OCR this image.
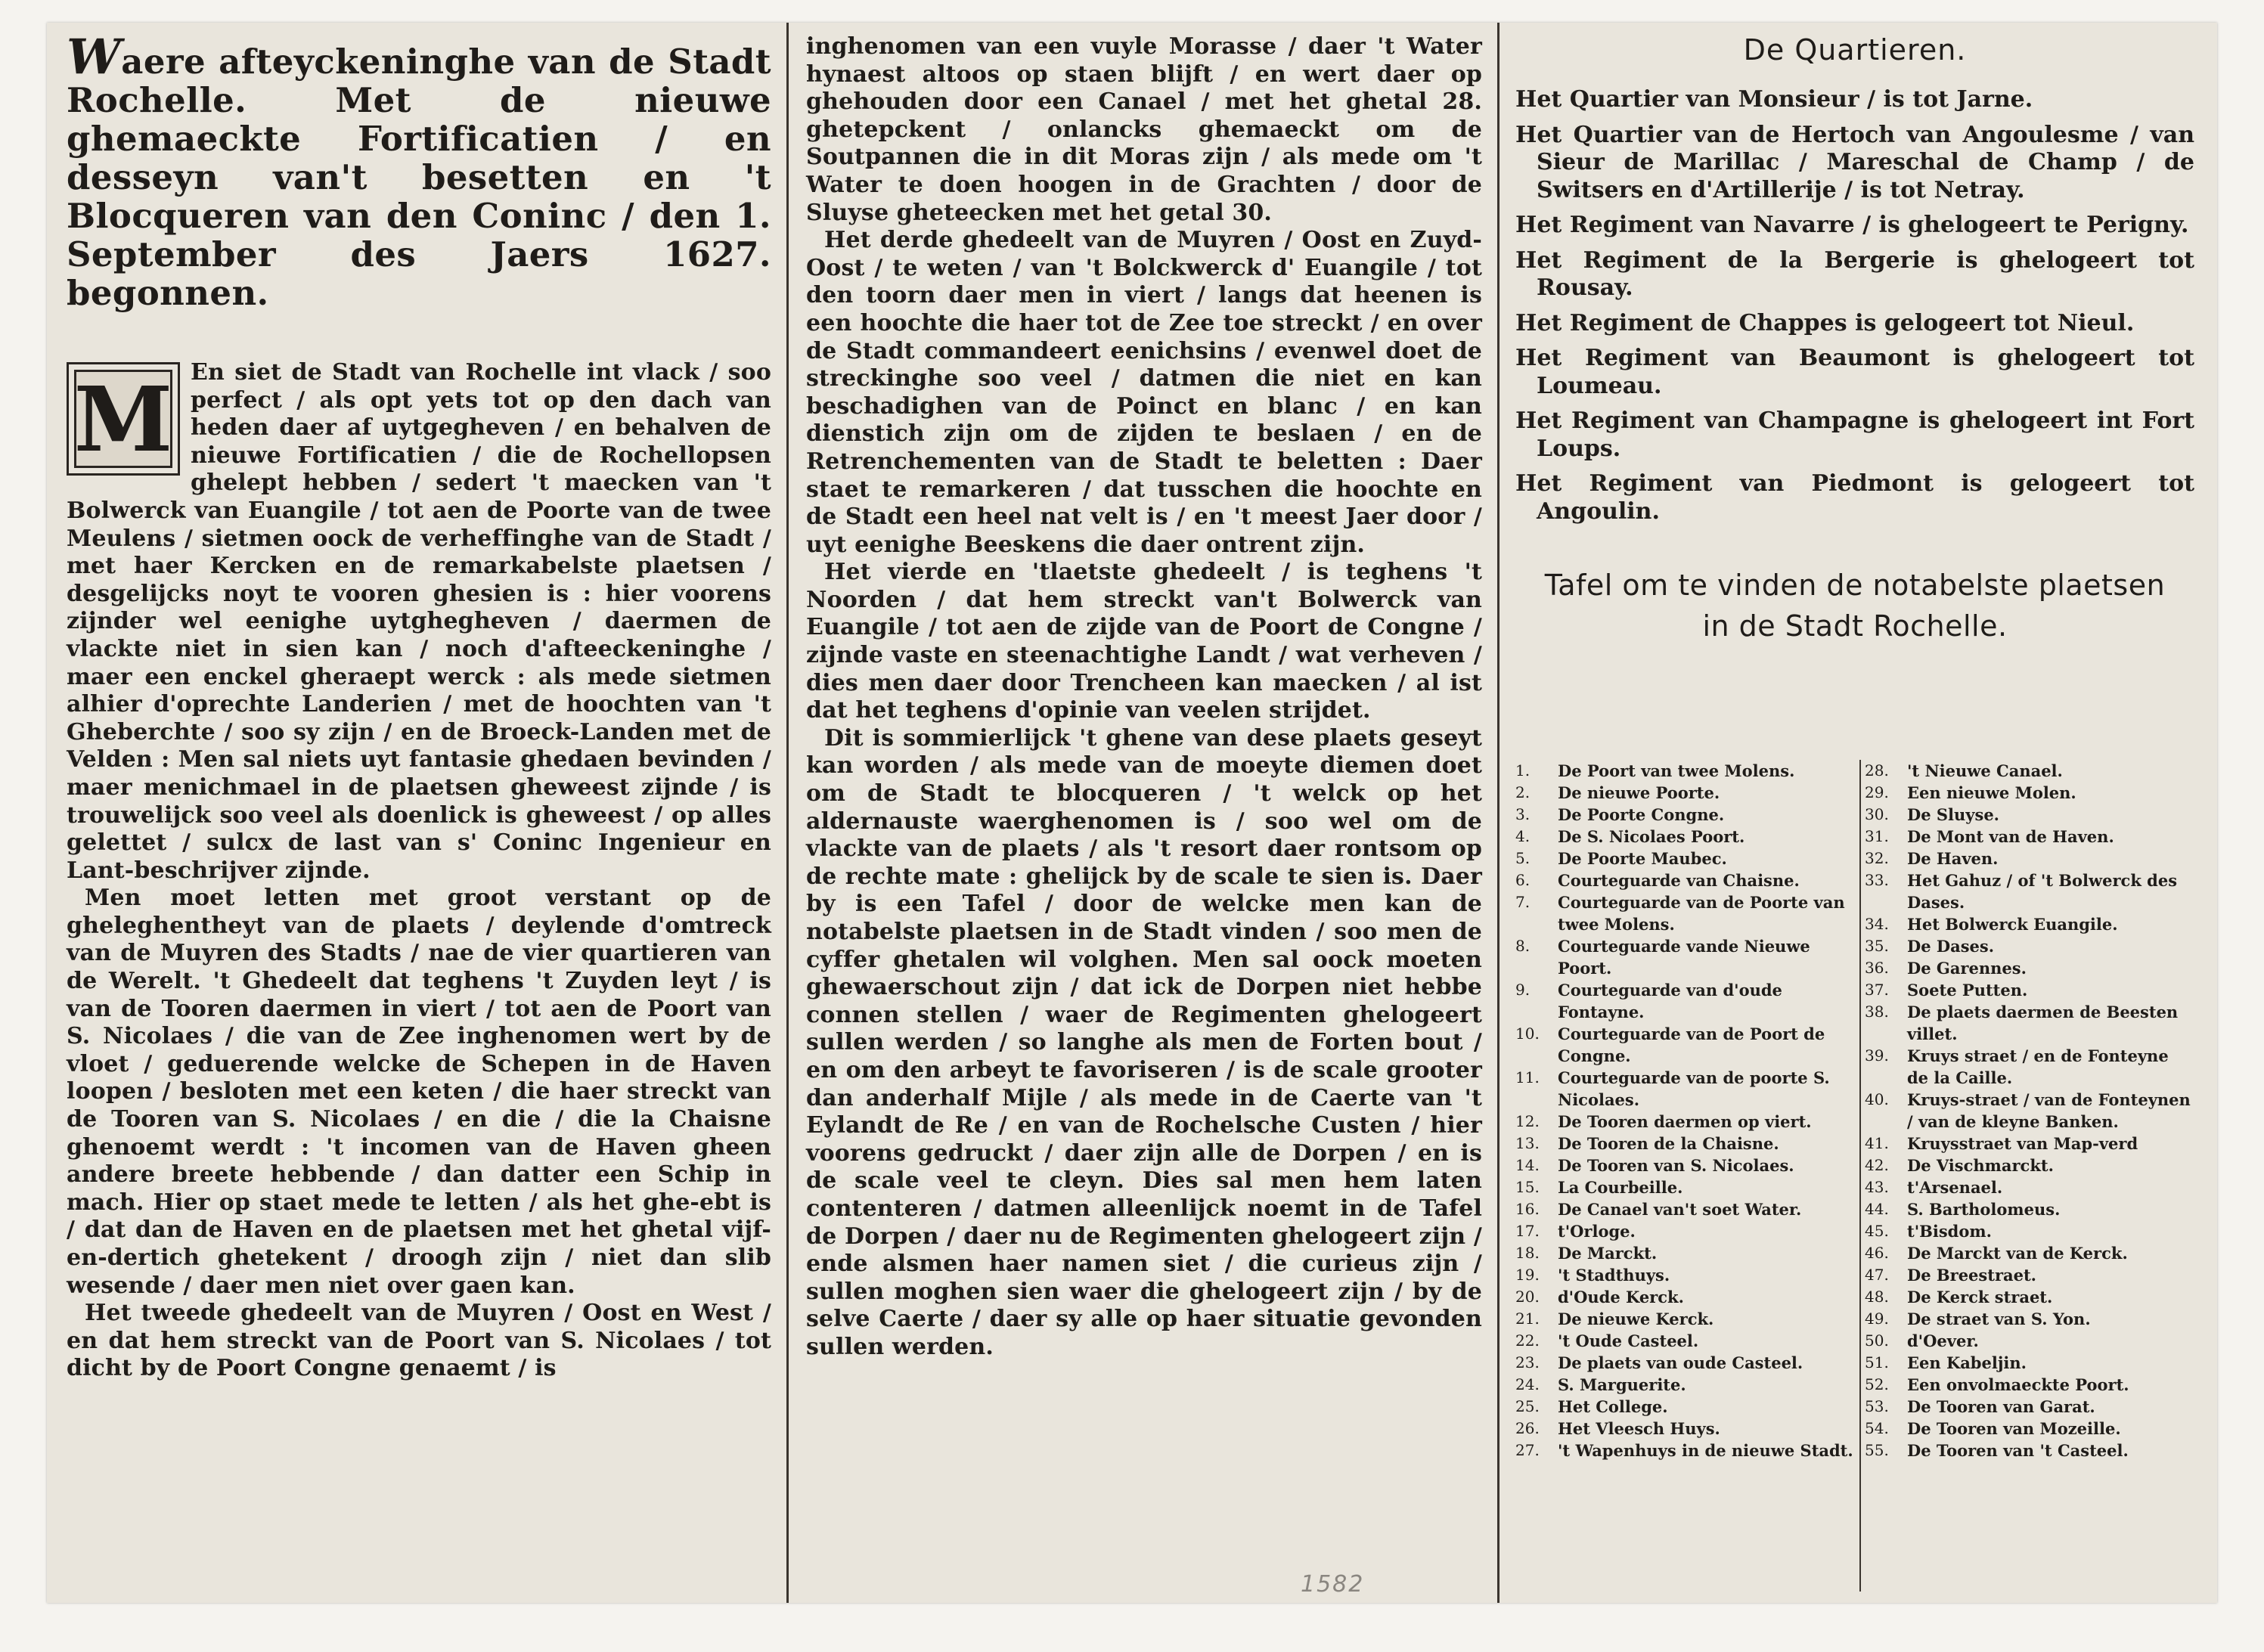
Waere afteyckeninghe van de Stadt Rochelle. Met de nieuwe ghemaeckte Fortificatien / en desseyn van't besetten en 't Blocqueren van den Coninc / den 1. September des Jaers 1627. begonnen.
M En siet de Stadt van Rochelle int vlack / soo perfect / als opt yets tot op den dach van heden daer af uytgegheven / en behalven de nieuwe Fortificatien / die de Rochellopsen ghelept hebben / sedert 't maecken van 't Bolwerck van Euangile / tot aen de Poorte van de twee Meulens / sietmen oock de verheffinghe van de Stadt / met haer Kercken en de remarkabelste plaetsen / desgelijcks noyt te vooren ghesien is : hier voorens zijnder wel eenighe uytghegheven / daermen de vlackte niet in sien kan / noch d'afteeckeninghe / maer een enckel gheraept werck : als mede sietmen alhier d'oprechte Landerien / met de hoochten van 't Gheberchte / soo sy zijn / en de Broeck-Landen met de Velden : Men sal niets uyt fantasie ghedaen bevinden / maer menichmael in de plaetsen gheweest zijnde / is trouwelijck soo veel als doenlick is gheweest / op alles gelettet / sulcx de last van s' Coninc Ingenieur en Lant-beschrijver zijnde.

Men moet letten met groot verstant op de gheleghentheyt van de plaets / deylende d'omtreck van de Muyren des Stadts / nae de vier quartieren van de Werelt. 't Ghedeelt dat teghens 't Zuyden leyt / is van de Tooren daermen in viert / tot aen de Poort van S. Nicolaes / die van de Zee inghenomen wert by de vloet / geduerende welcke de Schepen in de Haven loopen / besloten met een keten / die haer streckt van de Tooren van S. Nicolaes / en die / die la Chaisne ghenoemt werdt : 't incomen van de Haven gheen andere breete hebbende / dan datter een Schip in mach. Hier op staet mede te letten / als het ghe-ebt is / dat dan de Haven en de plaetsen met het ghetal vijf-en-dertich ghetekent / droogh zijn / niet dan slib wesende / daer men niet over gaen kan.

Het tweede ghedeelt van de Muyren / Oost en West / en dat hem streckt van de Poort van S. Nicolaes / tot dicht by de Poort Congne genaemt / is

inghenomen van een vuyle Morasse / daer 't Water hynaest altoos op staen blijft / en wert daer op ghehouden door een Canael / met het ghetal 28. ghetepckent / onlancks ghemaeckt om de Soutpannen die in dit Moras zijn / als mede om 't Water te doen hoogen in de Grachten / door de Sluyse gheteecken met het getal 30.

Het derde ghedeelt van de Muyren / Oost en Zuyd-Oost / te weten / van 't Bolckwerck d' Euangile / tot den toorn daer men in viert / langs dat heenen is een hoochte die haer tot de Zee toe streckt / en over de Stadt commandeert eenichsins / evenwel doet de streckinghe soo veel / datmen die niet en kan beschadighen van de Poinct en blanc / en kan dienstich zijn om de zijden te beslaen / en de Retrenchementen van de Stadt te beletten : Daer staet te remarkeren / dat tusschen die hoochte en de Stadt een heel nat velt is / en 't meest Jaer door / uyt eenighe Beeskens die daer ontrent zijn.

Het vierde en 'tlaetste ghedeelt / is teghens 't Noorden / dat hem streckt van't Bolwerck van Euangile / tot aen de zijde van de Poort de Congne / zijnde vaste en steenachtighe Landt / wat verheven / dies men daer door Trencheen kan maecken / al ist dat het teghens d'opinie van veelen strijdet.

Dit is sommierlijck 't ghene van dese plaets geseyt kan worden / als mede van de moeyte diemen doet om de Stadt te blocqueren / 't welck op het aldernauste waerghenomen is / soo wel om de vlackte van de plaets / als 't resort daer rontsom op de rechte mate : ghelijck by de scale te sien is. Daer by is een Tafel / door de welcke men kan de notabelste plaetsen in de Stadt vinden / soo men de cyffer ghetalen wil volghen. Men sal oock moeten ghewaerschout zijn / dat ick de Dorpen niet hebbe connen stellen / waer de Regimenten ghelogeert sullen werden / so langhe als men de Forten bout / en om den arbeyt te favoriseren / is de scale grooter dan anderhalf Mijle / als mede in de Caerte van 't Eylandt de Re / en van de Rochelsche Custen / hier voorens gedruckt / daer zijn alle de Dorpen / en is de scale veel te cleyn. Dies sal men hem laten contenteren / datmen alleenlijck noemt in de Tafel de Dorpen / daer nu de Regimenten ghelogeert zijn / ende alsmen haer namen siet / die curieus zijn / sullen moghen sien waer die ghelogeert zijn / by de selve Caerte / daer sy alle op haer situatie gevonden sullen werden.

De Quartieren.
Het Quartier van Monsieur / is tot Jarne.
Het Quartier van de Hertoch van Angoulesme / van Sieur de Marillac / Mareschal de Champ / de Switsers en d'Artillerije / is tot Netray.
Het Regiment van Navarre / is ghelogeert te Perigny.
Het Regiment de la Bergerie is ghelogeert tot Rousay.
Het Regiment de Chappes is gelogeert tot Nieul.
Het Regiment van Beaumont is ghelogeert tot Loumeau.
Het Regiment van Champagne is ghelogeert int Fort Loups.
Het Regiment van Piedmont is gelogeert tot Angoulin.
Tafel om te vinden de notabelste plaetsen
in de Stadt Rochelle.
1.	De Poort van twee Molens.
2.	De nieuwe Poorte.
3.	De Poorte Congne.
4.	De S. Nicolaes Poort.
5.	De Poorte Maubec.
6.	Courteguarde van Chaisne.
7.	Courteguarde van de Poorte van twee Molens.
8.	Courteguarde vande Nieuwe Poort.
9.	Courteguarde van d'oude Fontayne.
10.	Courteguarde van de Poort de Congne.
11.	Courteguarde van de poorte S. Nicolaes.
12.	De Tooren daermen op viert.
13.	De Tooren de la Chaisne.
14.	De Tooren van S. Nicolaes.
15.	La Courbeille.
16.	De Canael van't soet Water.
17.	t'Orloge.
18.	De Marckt.
19.	't Stadthuys.
20.	d'Oude Kerck.
21.	De nieuwe Kerck.
22.	't Oude Casteel.
23.	De plaets van oude Casteel.
24.	S. Marguerite.
25.	Het College.
26.	Het Vleesch Huys.
27.	't Wapenhuys in de nieuwe Stadt.
28.	't Nieuwe Canael.
29.	Een nieuwe Molen.
30.	De Sluyse.
31.	De Mont van de Haven.
32.	De Haven.
33.	Het Gahuz / of 't Bolwerck des Dases.
34.	Het Bolwerck Euangile.
35.	De Dases.
36.	De Garennes.
37.	Soete Putten.
38.	De plaets daermen de Beesten villet.
39.	Kruys straet / en de Fonteyne de la Caille.
40.	Kruys-straet / van de Fonteynen / van de kleyne Banken.
41.	Kruysstraet van Map-verd
42.	De Vischmarckt.
43.	t'Arsenael.
44.	S. Bartholomeus.
45.	t'Bisdom.
46.	De Marckt van de Kerck.
47.	De Breestraet.
48.	De Kerck straet.
49.	De straet van S. Yon.
50.	d'Oever.
51.	Een Kabeljin.
52.	Een onvolmaeckte Poort.
53.	De Tooren van Garat.
54.	De Tooren van Mozeille.
55.	De Tooren van 't Casteel.
1582
